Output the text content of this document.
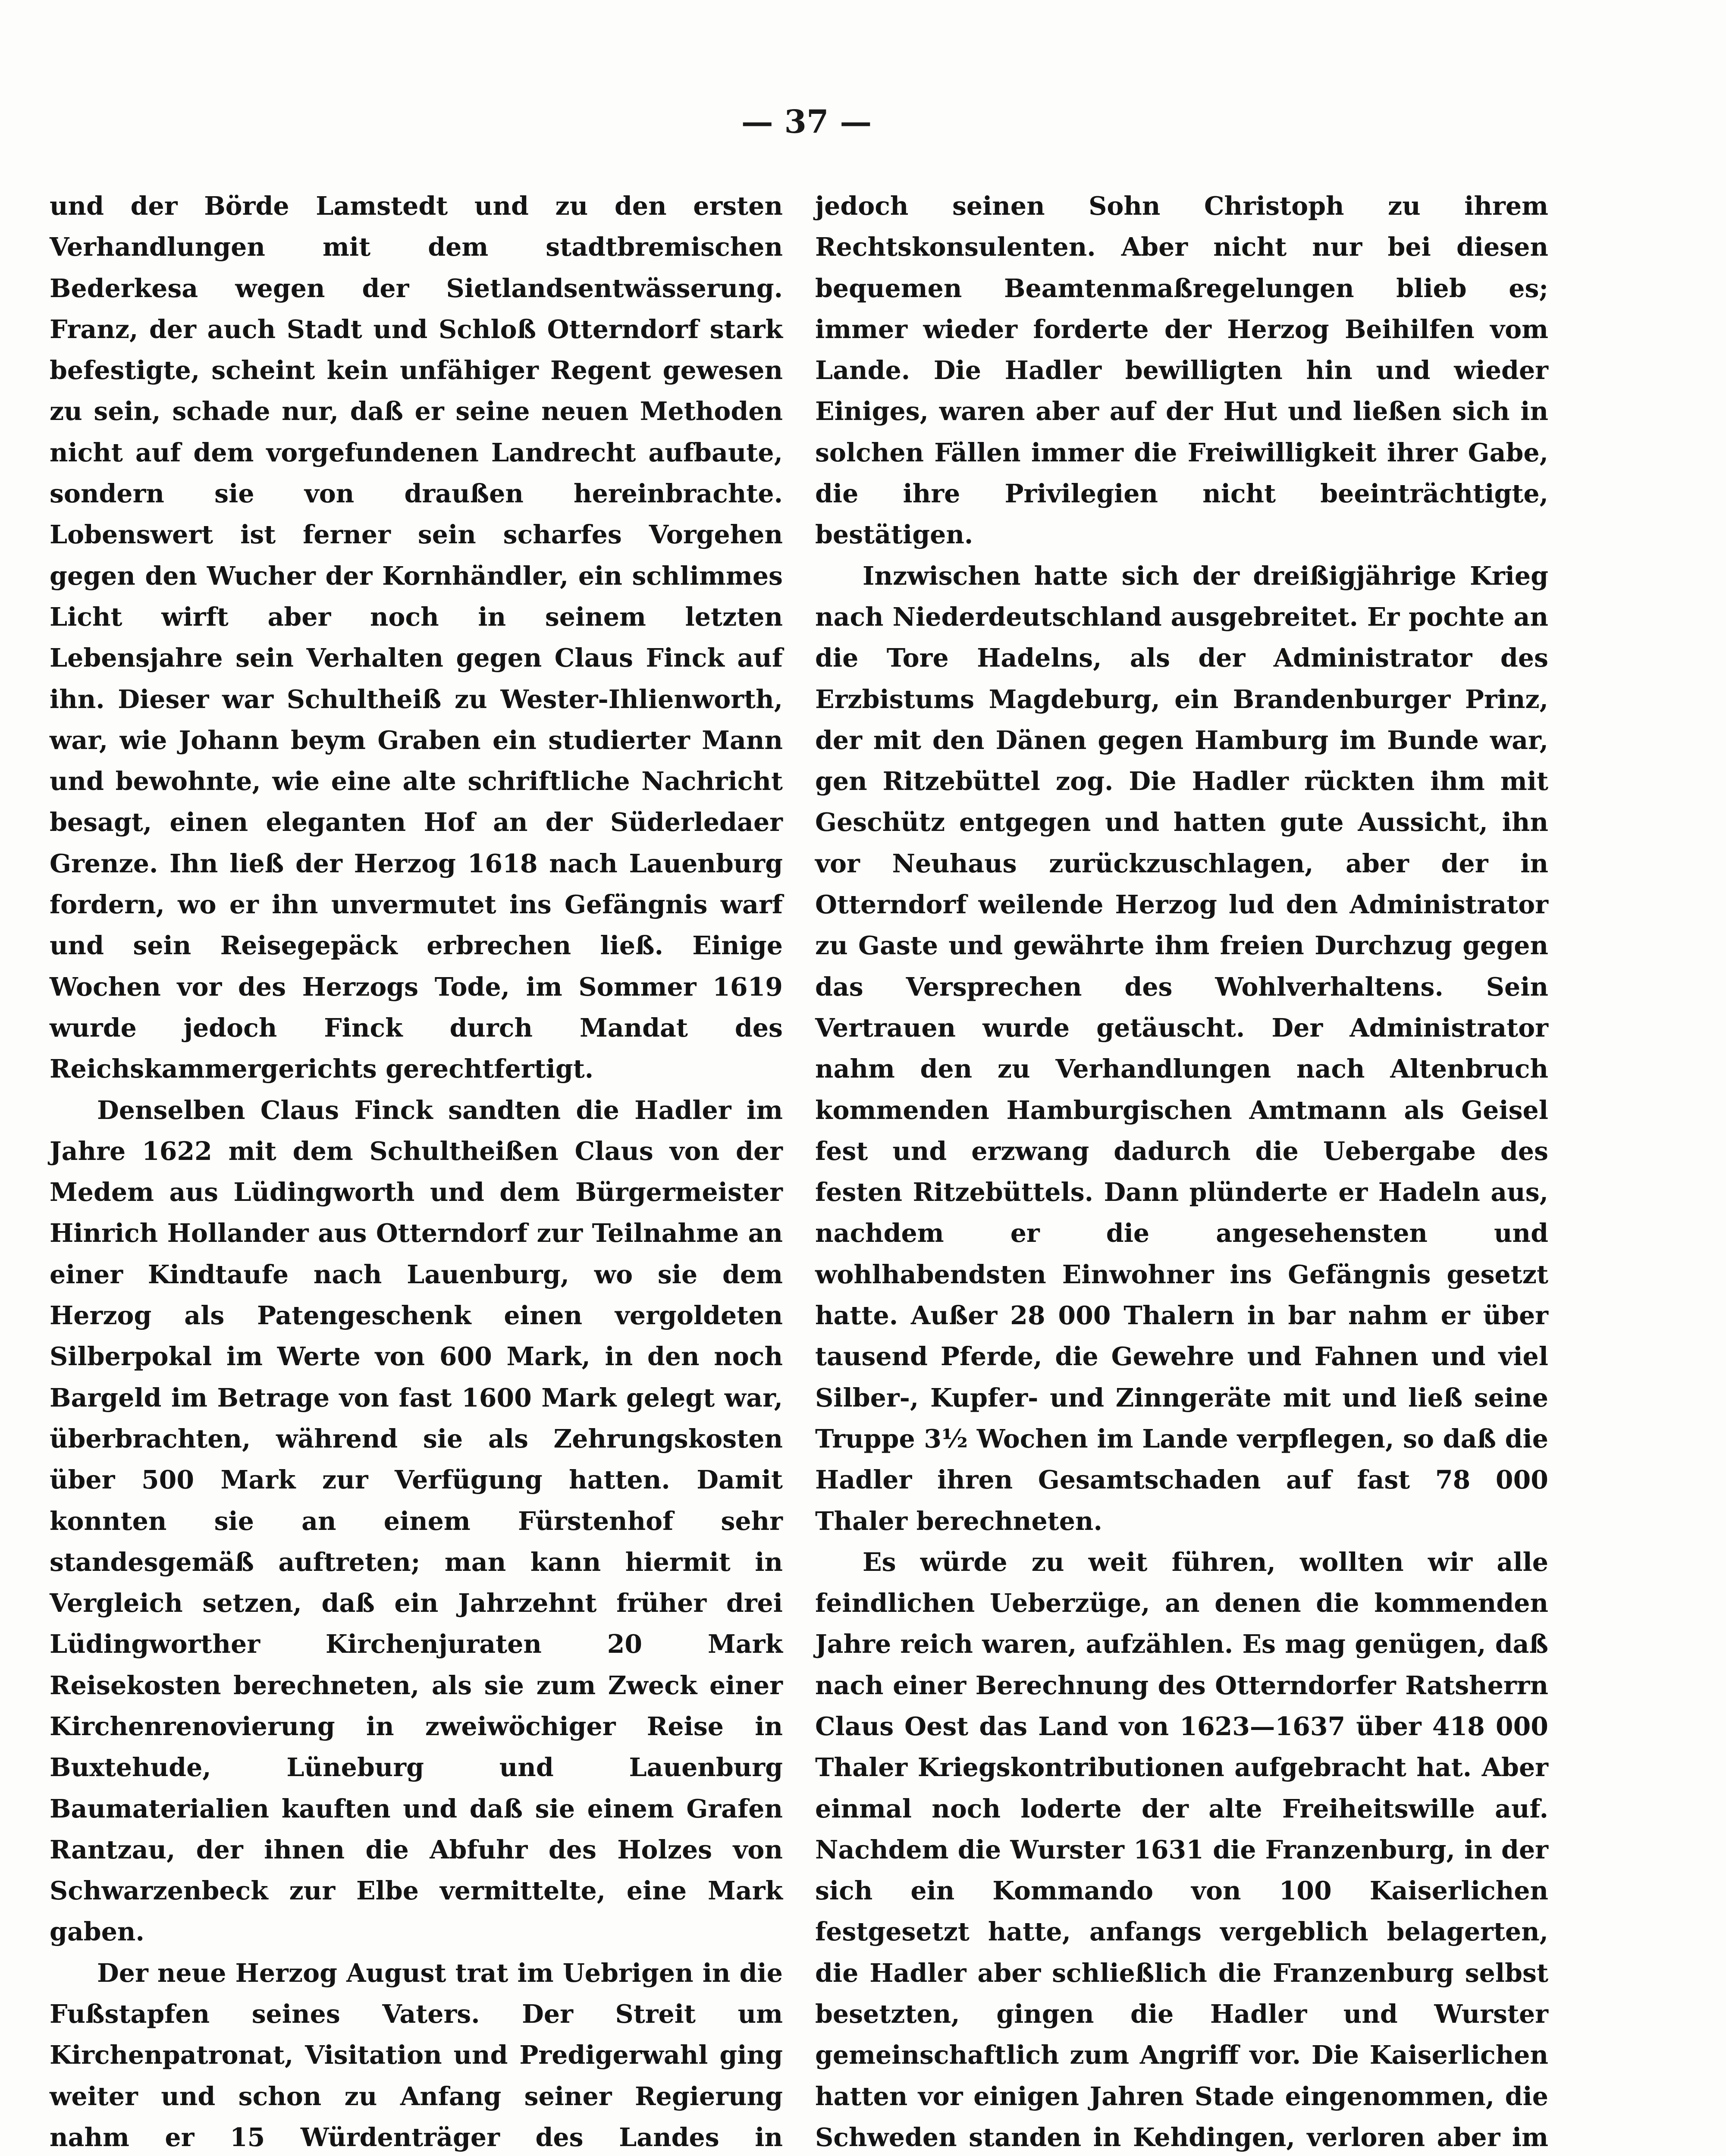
— 37 —

und der Börde Lamstedt und zu den ersten Verhandlungen mit dem stadtbremischen Bederkesa wegen der Sietlandsentwässerung. Franz, der auch Stadt und Schloß Otterndorf stark befestigte, scheint kein unfähiger Regent gewesen zu sein, schade nur, daß er seine neuen Methoden nicht auf dem vorgefundenen Landrecht aufbaute, sondern sie von draußen hereinbrachte. Lobenswert ist ferner sein scharfes Vorgehen gegen den Wucher der Kornhändler, ein schlimmes Licht wirft aber noch in seinem letzten Lebensjahre sein Verhalten gegen Claus Finck auf ihn. Dieser war Schultheiß zu Wester-Ihlienworth, war, wie Johann beym Graben ein studierter Mann und bewohnte, wie eine alte schriftliche Nachricht besagt, einen eleganten Hof an der Süderledaer Grenze. Ihn ließ der Herzog 1618 nach Lauenburg fordern, wo er ihn unvermutet ins Gefängnis warf und sein Reisegepäck erbrechen ließ. Einige Wochen vor des Herzogs Tode, im Sommer 1619 wurde jedoch Finck durch Mandat des Reichskammergerichts gerechtfertigt.

Denselben Claus Finck sandten die Hadler im Jahre 1622 mit dem Schultheißen Claus von der Medem aus Lüdingworth und dem Bürgermeister Hinrich Hollander aus Otterndorf zur Teilnahme an einer Kindtaufe nach Lauenburg, wo sie dem Herzog als Patengeschenk einen vergoldeten Silberpokal im Werte von 600 Mark, in den noch Bargeld im Betrage von fast 1600 Mark gelegt war, überbrachten, während sie als Zehrungskosten über 500 Mark zur Verfügung hatten. Damit konnten sie an einem Fürstenhof sehr standesgemäß auftreten; man kann hiermit in Vergleich setzen, daß ein Jahrzehnt früher drei Lüdingworther Kirchenjuraten 20 Mark Reisekosten berechneten, als sie zum Zweck einer Kirchenrenovierung in zweiwöchiger Reise in Buxtehude, Lüneburg und Lauenburg Baumaterialien kauften und daß sie einem Grafen Rantzau, der ihnen die Abfuhr des Holzes von Schwarzenbeck zur Elbe vermittelte, eine Mark gaben.

Der neue Herzog August trat im Uebrigen in die Fußstapfen seines Vaters. Der Streit um Kirchenpatronat, Visitation und Predigerwahl ging weiter und schon zu Anfang seiner Regierung nahm er 15 Würdenträger des Landes in

jedoch seinen Sohn Christoph zu ihrem Rechtskonsulenten. Aber nicht nur bei diesen bequemen Beamtenmaßregelungen blieb es; immer wieder forderte der Herzog Beihilfen vom Lande. Die Hadler bewilligten hin und wieder Einiges, waren aber auf der Hut und ließen sich in solchen Fällen immer die Freiwilligkeit ihrer Gabe, die ihre Privilegien nicht beeinträchtigte, bestätigen.

Inzwischen hatte sich der dreißigjährige Krieg nach Niederdeutschland ausgebreitet. Er pochte an die Tore Hadelns, als der Administrator des Erzbistums Magdeburg, ein Brandenburger Prinz, der mit den Dänen gegen Hamburg im Bunde war, gen Ritzebüttel zog. Die Hadler rückten ihm mit Geschütz entgegen und hatten gute Aussicht, ihn vor Neuhaus zurückzuschlagen, aber der in Otterndorf weilende Herzog lud den Administrator zu Gaste und gewährte ihm freien Durchzug gegen das Versprechen des Wohlverhaltens. Sein Vertrauen wurde getäuscht. Der Administrator nahm den zu Verhandlungen nach Altenbruch kommenden Hamburgischen Amtmann als Geisel fest und erzwang dadurch die Uebergabe des festen Ritzebüttels. Dann plünderte er Hadeln aus, nachdem er die angesehensten und wohlhabendsten Einwohner ins Gefängnis gesetzt hatte. Außer 28 000 Thalern in bar nahm er über tausend Pferde, die Gewehre und Fahnen und viel Silber-, Kupfer- und Zinngeräte mit und ließ seine Truppe 3½ Wochen im Lande verpflegen, so daß die Hadler ihren Gesamtschaden auf fast 78 000 Thaler berechneten.

Es würde zu weit führen, wollten wir alle feindlichen Ueberzüge, an denen die kommenden Jahre reich waren, aufzählen. Es mag genügen, daß nach einer Berechnung des Otterndorfer Ratsherrn Claus Oest das Land von 1623—1637 über 418 000 Thaler Kriegskontributionen aufgebracht hat. Aber einmal noch loderte der alte Freiheitswille auf. Nachdem die Wurster 1631 die Franzenburg, in der sich ein Kommando von 100 Kaiserlichen festgesetzt hatte, anfangs vergeblich belagerten, die Hadler aber schließlich die Franzenburg selbst besetzten, gingen die Hadler und Wurster gemeinschaftlich zum Angriff vor. Die Kaiserlichen hatten vor einigen Jahren Stade eingenommen, die Schweden standen in Kehdingen, verloren aber im
